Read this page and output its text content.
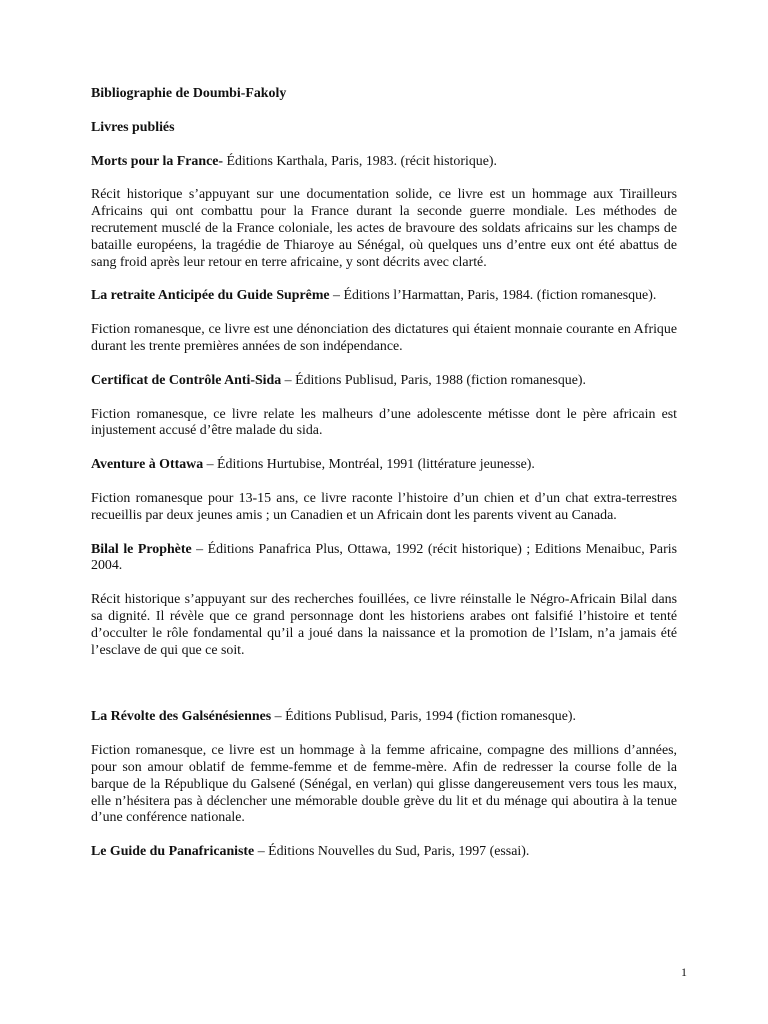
Bibliographie de Doumbi-Fakoly

Livres publiés

Morts pour la France- Éditions Karthala, Paris, 1983. (récit historique).

Récit historique s’appuyant sur une documentation solide, ce livre est un hommage aux Tirailleurs Africains qui ont combattu pour la France durant la seconde guerre mondiale. Les méthodes de recrutement musclé de la France coloniale, les actes de bravoure des soldats africains sur les champs de bataille européens, la tragédie de Thiaroye au Sénégal, où quelques uns d’entre eux ont été abattus de sang froid après leur retour en terre africaine, y sont décrits avec clarté.

La retraite Anticipée du Guide Suprême – Éditions l’Harmattan, Paris, 1984. (fiction romanesque).

Fiction romanesque, ce livre est une dénonciation des dictatures qui étaient monnaie courante en Afrique durant les trente premières années de son indépendance.

Certificat de Contrôle Anti-Sida – Éditions Publisud, Paris, 1988 (fiction romanesque).

Fiction romanesque, ce livre relate les malheurs d’une adolescente métisse dont le père africain est injustement accusé d’être malade du sida.

Aventure à Ottawa – Éditions Hurtubise, Montréal, 1991 (littérature jeunesse).

Fiction romanesque pour 13-15 ans, ce livre raconte l’histoire d’un chien et d’un chat extra-terrestres recueillis par deux jeunes amis ; un Canadien et un Africain dont les parents vivent au Canada.

Bilal le Prophète – Éditions Panafrica Plus, Ottawa, 1992 (récit historique) ; Editions Menaibuc, Paris 2004.

Récit historique s’appuyant sur des recherches fouillées, ce livre réinstalle le Négro-Africain Bilal dans sa dignité. Il révèle que ce grand personnage dont les historiens arabes ont falsifié l’histoire et tenté d’occulter le rôle fondamental qu’il a joué dans la naissance et la promotion de l’Islam, n’a jamais été l’esclave de qui que ce soit.

La Révolte des Galsénésiennes – Éditions Publisud, Paris, 1994 (fiction romanesque).

Fiction romanesque, ce livre est un hommage à la femme africaine, compagne des millions d’années, pour son amour oblatif de femme-femme et de femme-mère. Afin de redresser la course folle de la barque de la République du Galsené (Sénégal, en verlan) qui glisse dangereusement vers tous les maux, elle n’hésitera pas à déclencher une mémorable double grève du lit et du ménage qui aboutira à la tenue d’une conférence nationale.

Le Guide du Panafricaniste – Éditions Nouvelles du Sud, Paris, 1997 (essai).

1
